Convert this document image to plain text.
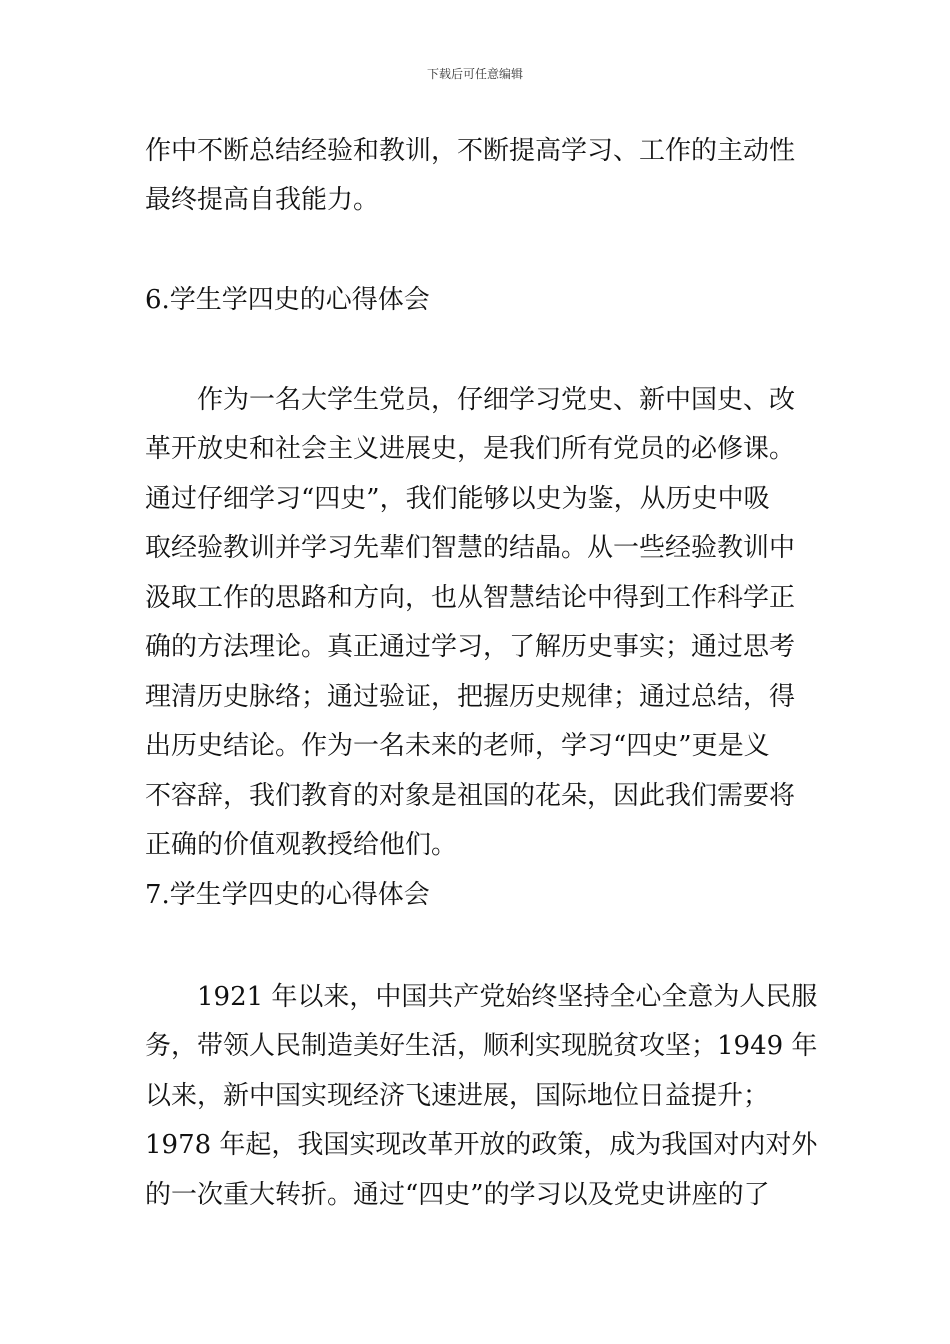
下载后可任意编辑
作中不断总结经验和教训，不断提高学习、工作的主动性
最终提高自我能力。
6.学生学四史的心得体会
　　作为一名大学生党员，仔细学习党史、新中国史、改
革开放史和社会主义进展史，是我们所有党员的必修课。
通过仔细学习“四史”，我们能够以史为鉴，从历史中吸
取经验教训并学习先辈们智慧的结晶。从一些经验教训中
汲取工作的思路和方向，也从智慧结论中得到工作科学正
确的方法理论。真正通过学习，了解历史事实；通过思考
理清历史脉络；通过验证，把握历史规律；通过总结，得
出历史结论。作为一名未来的老师，学习“四史”更是义
不容辞，我们教育的对象是祖国的花朵，因此我们需要将
正确的价值观教授给他们。
7.学生学四史的心得体会
　　1921 年以来，中国共产党始终坚持全心全意为人民服
务，带领人民制造美好生活，顺利实现脱贫攻坚；1949 年
以来，新中国实现经济飞速进展，国际地位日益提升；
1978 年起，我国实现改革开放的政策，成为我国对内对外
的一次重大转折。通过“四史”的学习以及党史讲座的了
